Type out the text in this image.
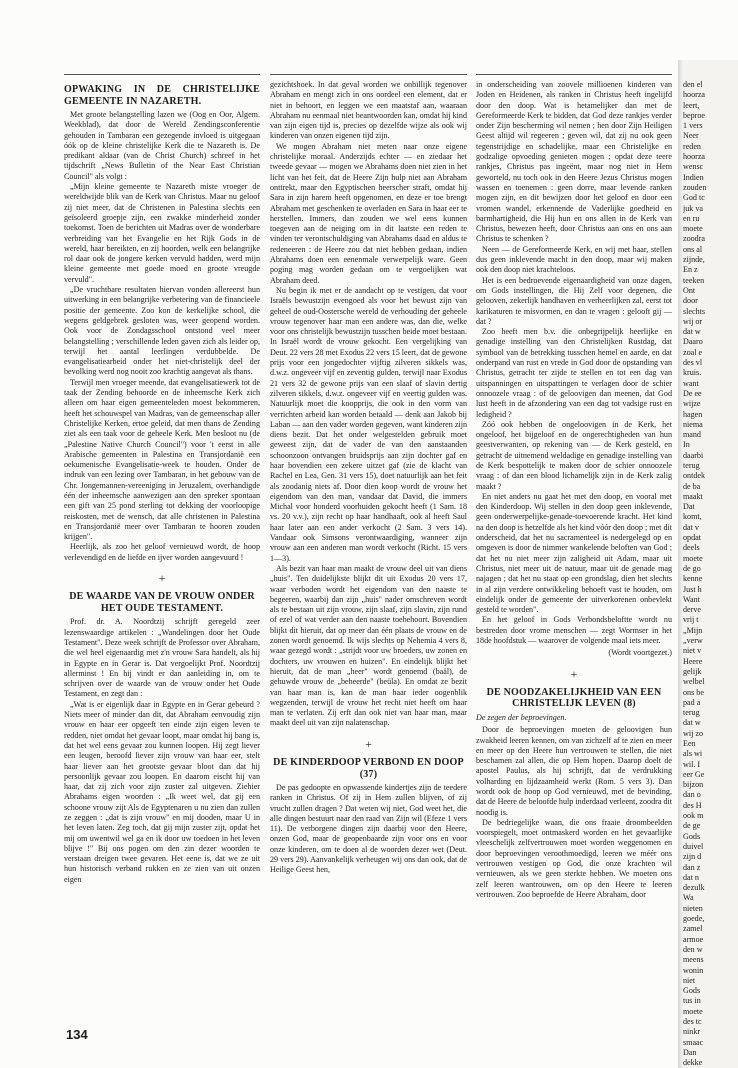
OPWAKING IN DE CHRISTELIJKE GEMEENTE IN NAZARETH.

Met groote belangstelling lazen we (Oog en Oor, Algem. Weekblad), dat door de Wereld Zendingsconferentie gehouden in Tambaran een gezegende invloed is uitgegaan óók op de kleine christelijke Kerk die te Nazareth is. De predikant aldaar (van de Christ Church) schreef in het tijdschrift „News Bulletin of the Near East Christian Council" als volgt :

„Mijn kleine gemeente te Nazareth miste vroeger de wereldwijde blik van de Kerk van Christus. Maar nu geloof zij niet meer, dat de Christenen in Palestina slechts een geïsoleerd groepje zijn, een zwakke minderheid zonder toekomst. Toen de berichten uit Madras over de wonderbare verbreiding van het Evangelie en het Rijk Gods in de wereld, haar bereikten, en zij hoorden, welk een belangrijke rol daar ook de jongere kerken vervuld hadden, werd mijn kleine gemeente met goede moed en groote vreugde vervuld".

„De vruchtbare resultaten hiervan vonden allereerst hun uitwerking in een belangrijke verbetering van de financieele positie der gemeente. Zoo kon de kerkelijke school, die wegens geldgebrek gesloten was, weer geopend worden. Ook voor de Zondagsschool ontstond veel meer belangstelling ; verschillende leden gaven zich als leider op, terwijl het aantal leerlingen verdubbelde. De evangelisatiearbeid onder het niet-christelijk deel der bevolking werd nog nooit zoo krachtig aangevat als thans.

Terwijl men vroeger meende, dat evangelisatiewerk tot de taak der Zending behoorde en de inheemsche Kerk zich alleen om haar eigen gemeenteleden moest bekommeren, heeft het schouwspel van Madras, van de gemeenschap aller Christelijke Kerken, ertoe geleid, dat men thans de Zending ziet als een taak voor de geheele Kerk. Men besloot nu (de „Palestine Native Church Council") voor 't eerst in alle Arabische gemeenten in Palestina en Transjordanië een oekumenische Evangelisatie-week te houden. Onder de indruk van een lezing over Tambaran, in het gebouw van de Chr. Jongemannen-vereeniging in Jeruzalem, overhandigde één der inheemsche aanwezigen aan den spreker spontaan een gift van 25 pond sterling tot dekking der voorloopige reiskosten, met de wensch, dat alle christenen in Palestina en Transjordanië meer over Tambaran te hooren zouden krijgen".

Heerlijk, als zoo het geloof vernieuwd wordt, de hoop verlevendigd en de liefde en ijver worden aangevuurd !

+
DE WAARDE VAN DE VROUW ONDER HET OUDE TESTAMENT.

Prof. dr. A. Noordtzij schrijft geregeld zeer lezenswaardige artikelen : „Wandelingen door het Oude Testament". Deze week schrijft de Professor over Abraham, die wel heel eigenaardig met z'n vrouw Sara handelt, als hij in Egypte en in Gerar is. Dat vergoelijkt Prof. Noordtzij allerminst ! En hij vindt er dan aanleiding in, om te schrijven over de waarde van de vrouw onder het Oude Testament, en zegt dan :

„Wat is er eigenlijk daar in Egypte en in Gerar gebeurd ? Niets meer of minder dan dit, dat Abraham eenvoudig zijn vrouw en haar eer opgeeft ten einde zijn eigen leven te redden, niet omdat het gevaar loopt, maar omdat hij bang is, dat het wel eens gevaar zou kunnen loopen. Hij zegt liever een leugen, beroofd liever zijn vrouw van haar eer, stelt haar liever aan het grootste gevaar bloot dan dat hij persoonlijk gevaar zou loopen. En daarom eischt hij van haar, dat zij zich voor zijn zuster zal uitgeven. Ziehier Abrahams eigen woorden : „Ik weet wel, dat gij een schoone vrouw zijt Als de Egyptenaren u nu zien dan zullen ze zeggen : „dat is zijn vrouw" en mij dooden, maar U in het leven laten. Zeg toch, dat gij mijn zuster zijt, opdat het mij om uwentwil wel ga en ik door uw toedoen in het leven blijve !" Bij ons pogen om den zin dezer woorden te verstaan dreigen twee gevaren. Het eene is, dat we ze uit hun historisch verband rukken en ze zien van uit onzen eigen

gezichtshoek. In dat geval worden we onbillijk tegenover Abraham en mengt zich in ons oordeel een element, dat er niet in behoort, en leggen we een maatstaf aan, waaraan Abraham nu eenmaal niet beantwoorden kan, omdat hij kind van zijn eigen tijd is, precies op dezelfde wijze als ook wij kinderen van onzen eigenen tijd zijn.

We mogen Abraham niet meten naar onze eigene christelijke moraal. Anderzijds echter — en ziedaar het tweede gevaar — mogen we Abrahams doen niet zien in het licht van het feit, dat de Heere Zijn hulp niet aan Abraham onttrekt, maar den Egyptischen heerscher straft, omdat hij Sara in zijn harem heeft opgenomen, en deze er toe brengt Abraham met geschenken te overladen en Sara in haar eer te herstellen. Immers, dan zouden we wel eens kunnen toegeven aan de neiging om in dit laatste een reden te vinden ter verontschuldiging van Abrahams daad en aldus te redeneeren : de Heere zou dat niet hebben gedaan, indien Abrahams doen een eenenmale verwerpelijk ware. Geen poging mag worden gedaan om te vergoelijken wat Abraham deed.

Nu begin ik met er de aandacht op te vestigen, dat voor Israëls bewustzijn evengoed als voor het bewust zijn van geheel de oud-Oostersche wereld de verhouding der geheele vrouw tegenover haar man een andere was, dan die, welke voor ons christelijk bewustzijn tusschen beide moet bestaan. In Israël wordt de vrouw gekocht. Een vergelijking van Deut. 22 vers 28 met Exodus 22 vers 15 leert, dat de gewone prijs voor een jongedochter vijftig zilveren sikkels was, d.w.z. ongeveer vijf en zeventig gulden, terwijl naar Exodus 21 vers 32 de gewone prijs van een slaaf of slavin dertig zilveren sikkels, d.w.z. ongeveer vijf en veertig gulden was. Natuurlijk moet die koopprijs, die ook in den vorm van verrichten arbeid kan worden betaald — denk aan Jakob bij Laban — aan den vader worden gegeven, want kinderen zijn diens bezit. Dat het onder welgestelden gebruik moet geweest zijn, dat de vader de van den aanstaanden schoonzoon ontvangen bruidsprijs aan zijn dochter gaf en haar bovendien een zekere uitzet gaf (zie de klacht van Rachel en Lea, Gen. 31 vers 15), doet natuurlijk aan het feit als zoodanig niets af. Door dien koop wordt de vrouw het eigendom van den man, vandaar dat David, die immers Michal voor honderd voorhuiden gekocht heeft (1 Sam. 18 vs. 20 v.v.), zijn recht op haar handhaaft, ook al heeft Saul haar later aan een ander verkocht (2 Sam. 3 vers 14). Vandaar ook Simsons verontwaardiging, wanneer zijn vrouw aan een anderen man wordt verkocht (Richt. 15 vers 1—3).

Als bezit van haar man maakt de vrouw deel uit van diens „huis". Ten duidelijkste blijkt dit uit Exodus 20 vers 17, waar verboden wordt het eigendom van den naaste te begeeren, waarbij dan zijn „huis" nader omschreven wordt als te bestaan uit zijn vrouw, zijn slaaf, zijn slavin, zijn rund of ezel of wat verder aan den naaste toebehoort. Bovendien blijkt dit hieruit, dat op meer dan één plaats de vrouw en de zonen wordt genoemd. Ik wijs slechts op Nehemia 4 vers 8, waar gezegd wordt : „strijdt voor uw broeders, uw zonen en dochters, uw vrouwen en huizen". En eindelijk blijkt het hieruit, dat de man „heer" wordt genoemd (baäl), de gehuwde vrouw de „beheerde" (beüla). En omdat ze bezit van haar man is, kan de man haar ieder oogenblik wegzenden, terwijl de vrouw het recht niet heeft om haar man te verlaten. Zij erft dan ook niet van haar man, maar maakt deel uit van zijn nalatenschap.

+
DE KINDERDOOP VERBOND EN DOOP (37)

De pas gedoopte en opwassende kindertjes zijn de teedere ranken in Christus. Of zij in Hem zullen blijven, of zij vrucht zullen dragen ? Dat weten wij niet, God weet het, die alle dingen bestuurt naar den raad van Zijn wil (Efeze 1 vers 11). De verborgene dingen zijn daarbij voor den Heere, onzen God, maar de geopenbaarde zijn voor ons en voor onze kinderen, om te doen al de woorden dezer wet (Deut. 29 vers 29). Aanvankelijk verheugen wij ons dan ook, dat de Heilige Geest hen,

in onderscheiding van zoovele millioenen kinderen van Joden en Heidenen, als ranken in Christus heeft ingelijfd door den doop. Wat is hetamelijker dan met de Gereformeerde Kerk te bidden, dat God deze rankjes verder onder Zijn bescherming wil nemen ; hen door Zijn Heiligen Geest altijd wil regeeren ; geven wil, dat zij nu ook geen tegenstrijdige en schadelijke, maar een Christelijke en godzalige opvoeding genieten mogen ; opdat deze teere rankjes, Christus pas ingeënt, maar nog niet in Hem geworteld, nu toch ook in den Heere Jezus Christus mogen wassen en toenemen : geen dorre, maar levende ranken mogen zijn, en dit bewijzen door het geloof en door een vromen wandel, erkennende de Vaderlijke goedheid en barmhartigheid, die Hij hun en ons allen in de Kerk van Christus, bewezen heeft, door Christus aan ons en ons aan Christus te schenken ?

Neen — de Gereformeerde Kerk, en wij met haar, stellen dus geen inklevende macht in den doop, maar wij maken ook den doop niet krachteloos.

Het is een bedroevende eigenaardigheid van onze dagen, om Gods instellingen, die Hij Zelf voor degenen, die gelooven, zekerlijk handhaven en verheerlijken zal, eerst tot karikaturen te misvormen, en dan te vragen : gelooft gij — dat ?

Zoo heeft men b.v. die onbegrijpelijk heerlijke en genadige instelling van den Christelijken Rustdag, dat symbool van de betrekking tusschen hemel en aarde, en dat onderpand van rust en vrede in God door de opstanding van Christus, getracht ter zijde te stellen en tot een dag van uitspanningen en uitspattingen te verlagen door de schier onnoozele vraag : of de geloovigen dan meenen, dat God lust heeft in de afzondering van een dag tot vadsige rust en ledigheid ?

Zóó ook hebben de ongeloovigen in de Kerk, het ongeloof, het bijgeloof en de ongerechtigheden van hun geestverwanten, op rekening van — de Kerk gesteld, en getracht de uitnemend weldadige en genadige instelling van de Kerk bespottelijk te maken door de schier onnoozele vraag : of dan een blood lichamelijk zijn in de Kerk zalig maakt ?

En niet anders nu gaat het met den doop, en vooral met den Kinderdoop. Wij stellen in den doop geen inklevende, geen onderwerpelijke-genade-toevoerende kracht. Het kind na den doop is hetzelfde als het kind vóór den doop ; met dit onderscheid, dat het nu sacramenteel is nedergelegd op en omgeven is door de nimmer wankelende beloften van God ; dat het nu niet meer zijn zaligheid uit Adam, maar uit Christus, niet meer uit de natuur, maar uit de genade mag najagen ; dat het nu staat op een grondslag, dien het slechts in al zijn verdere ontwikkeling behoeft vast te houden, om eindelijk onder de gemeente der uitverkorenen onbevlekt gesteld te worden".

En het geloof in Gods Verbondsbeloftte wordt nu bestreden door vrome menschen — zegt Wormser in het 18de hoofdstuk — waarover de volgende maal iets meer.

(Wordt voortgezet.)
+
DE NOODZAKELIJKHEID VAN EEN CHRISTELIJK LEVEN (8)
De zegen der beproevingen.

Door de beproevingen moeten de geloovigen hun zwakheid leeren kennen, om van zichzelf af te zien en meer en meer op den Heere hun vertrouwen te stellen, die niet beschamen zal allen, die op Hem hopen. Daarop doelt de apostel Paulus, als hij schrijft, dat de verdrukking volharding en lijdzaamheid werkt (Rom. 5 vers 3). Dan wordt ook de hoop op God vernieuwd, met de bevinding, dat de Heere de beloofde hulp inderdaad verleent, zoodra dit noodig is.

De bedriegelijke waan, die ons fraaie droombeelden voorspiegelt, moet ontmaskerd worden en het gevaarlijke vleeschelijk zelfvertrouwen moet worden weggenomen en door beproevingen veroothmoedigd, leeren we méér ons vertrouwen vestigen op God, die onze krachten wil vernieuwen, als we geen sterkte hebben. We moeten ons zelf leeren wantrouwen, om op den Heere te leeren vertrouwen. Zoo beproefde de Heere Abraham, door

den el
hoorza
leert,
beproe
1 vers
Neer
reden
hoorza
wensc
Indien
zouden
God tc
juk va
en ru
moete
zoodra
ons al
zijnde,
En z
teeken
Ont
door
slechts
wij or
dat w
Daaro
zoal e
des vl
kruis.
want
De ee
wijze
hagen
niema
mand
In
daarbi
terug
ontdek
de ba
maakt
Dat
komt,
dat v
opdat
deels
moete
de go
kenne
Just h
Want
derve
vrij t
„Mijn
„verw
niet v
Heere
gelijk
welbel
ons be
pad a
terug
dat w
wij zo
Een
als wi
wil. I
eer Ge
bijzon
dan o
des H
ook m
de ge
Gods
duivel
zijn d
dan z
dat n
dezulk
Wa
nieten
goede,
zamel
armoe
den w
meens
wonin
niet
Gods
tus in
moete
des tc
ninkr
smaac
Dan
dekke
134
